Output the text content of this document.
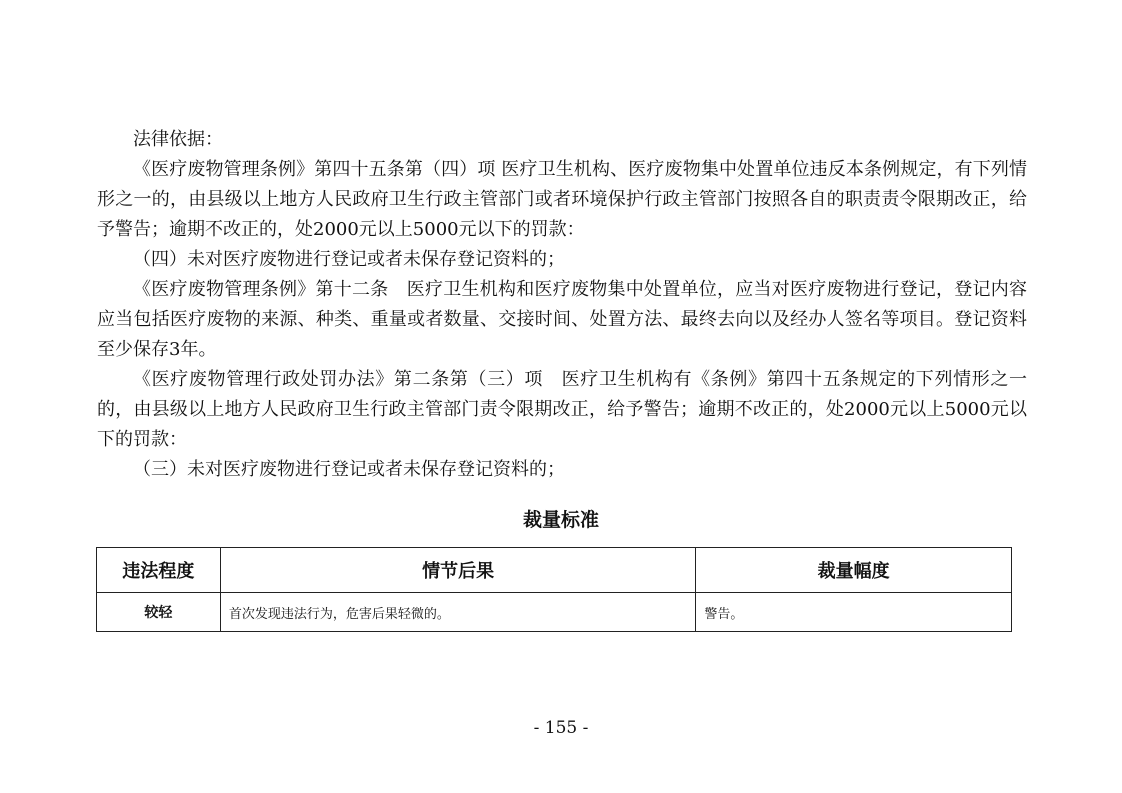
法律依据：

《医疗废物管理条例》第四十五条第（四）项 医疗卫生机构、医疗废物集中处置单位违反本条例规定，有下列情形之一的，由县级以上地方人民政府卫生行政主管部门或者环境保护行政主管部门按照各自的职责责令限期改正，给予警告；逾期不改正的，处2000元以上5000元以下的罚款：

（四）未对医疗废物进行登记或者未保存登记资料的；

《医疗废物管理条例》第十二条　医疗卫生机构和医疗废物集中处置单位，应当对医疗废物进行登记，登记内容应当包括医疗废物的来源、种类、重量或者数量、交接时间、处置方法、最终去向以及经办人签名等项目。登记资料至少保存3年。

《医疗废物管理行政处罚办法》第二条第（三）项　医疗卫生机构有《条例》第四十五条规定的下列情形之一的，由县级以上地方人民政府卫生行政主管部门责令限期改正，给予警告；逾期不改正的，处2000元以上5000元以下的罚款：

（三）未对医疗废物进行登记或者未保存登记资料的；

裁量标准
违法程度	情节后果	裁量幅度
较轻	首次发现违法行为，危害后果轻微的。	警告。
- 155 -
